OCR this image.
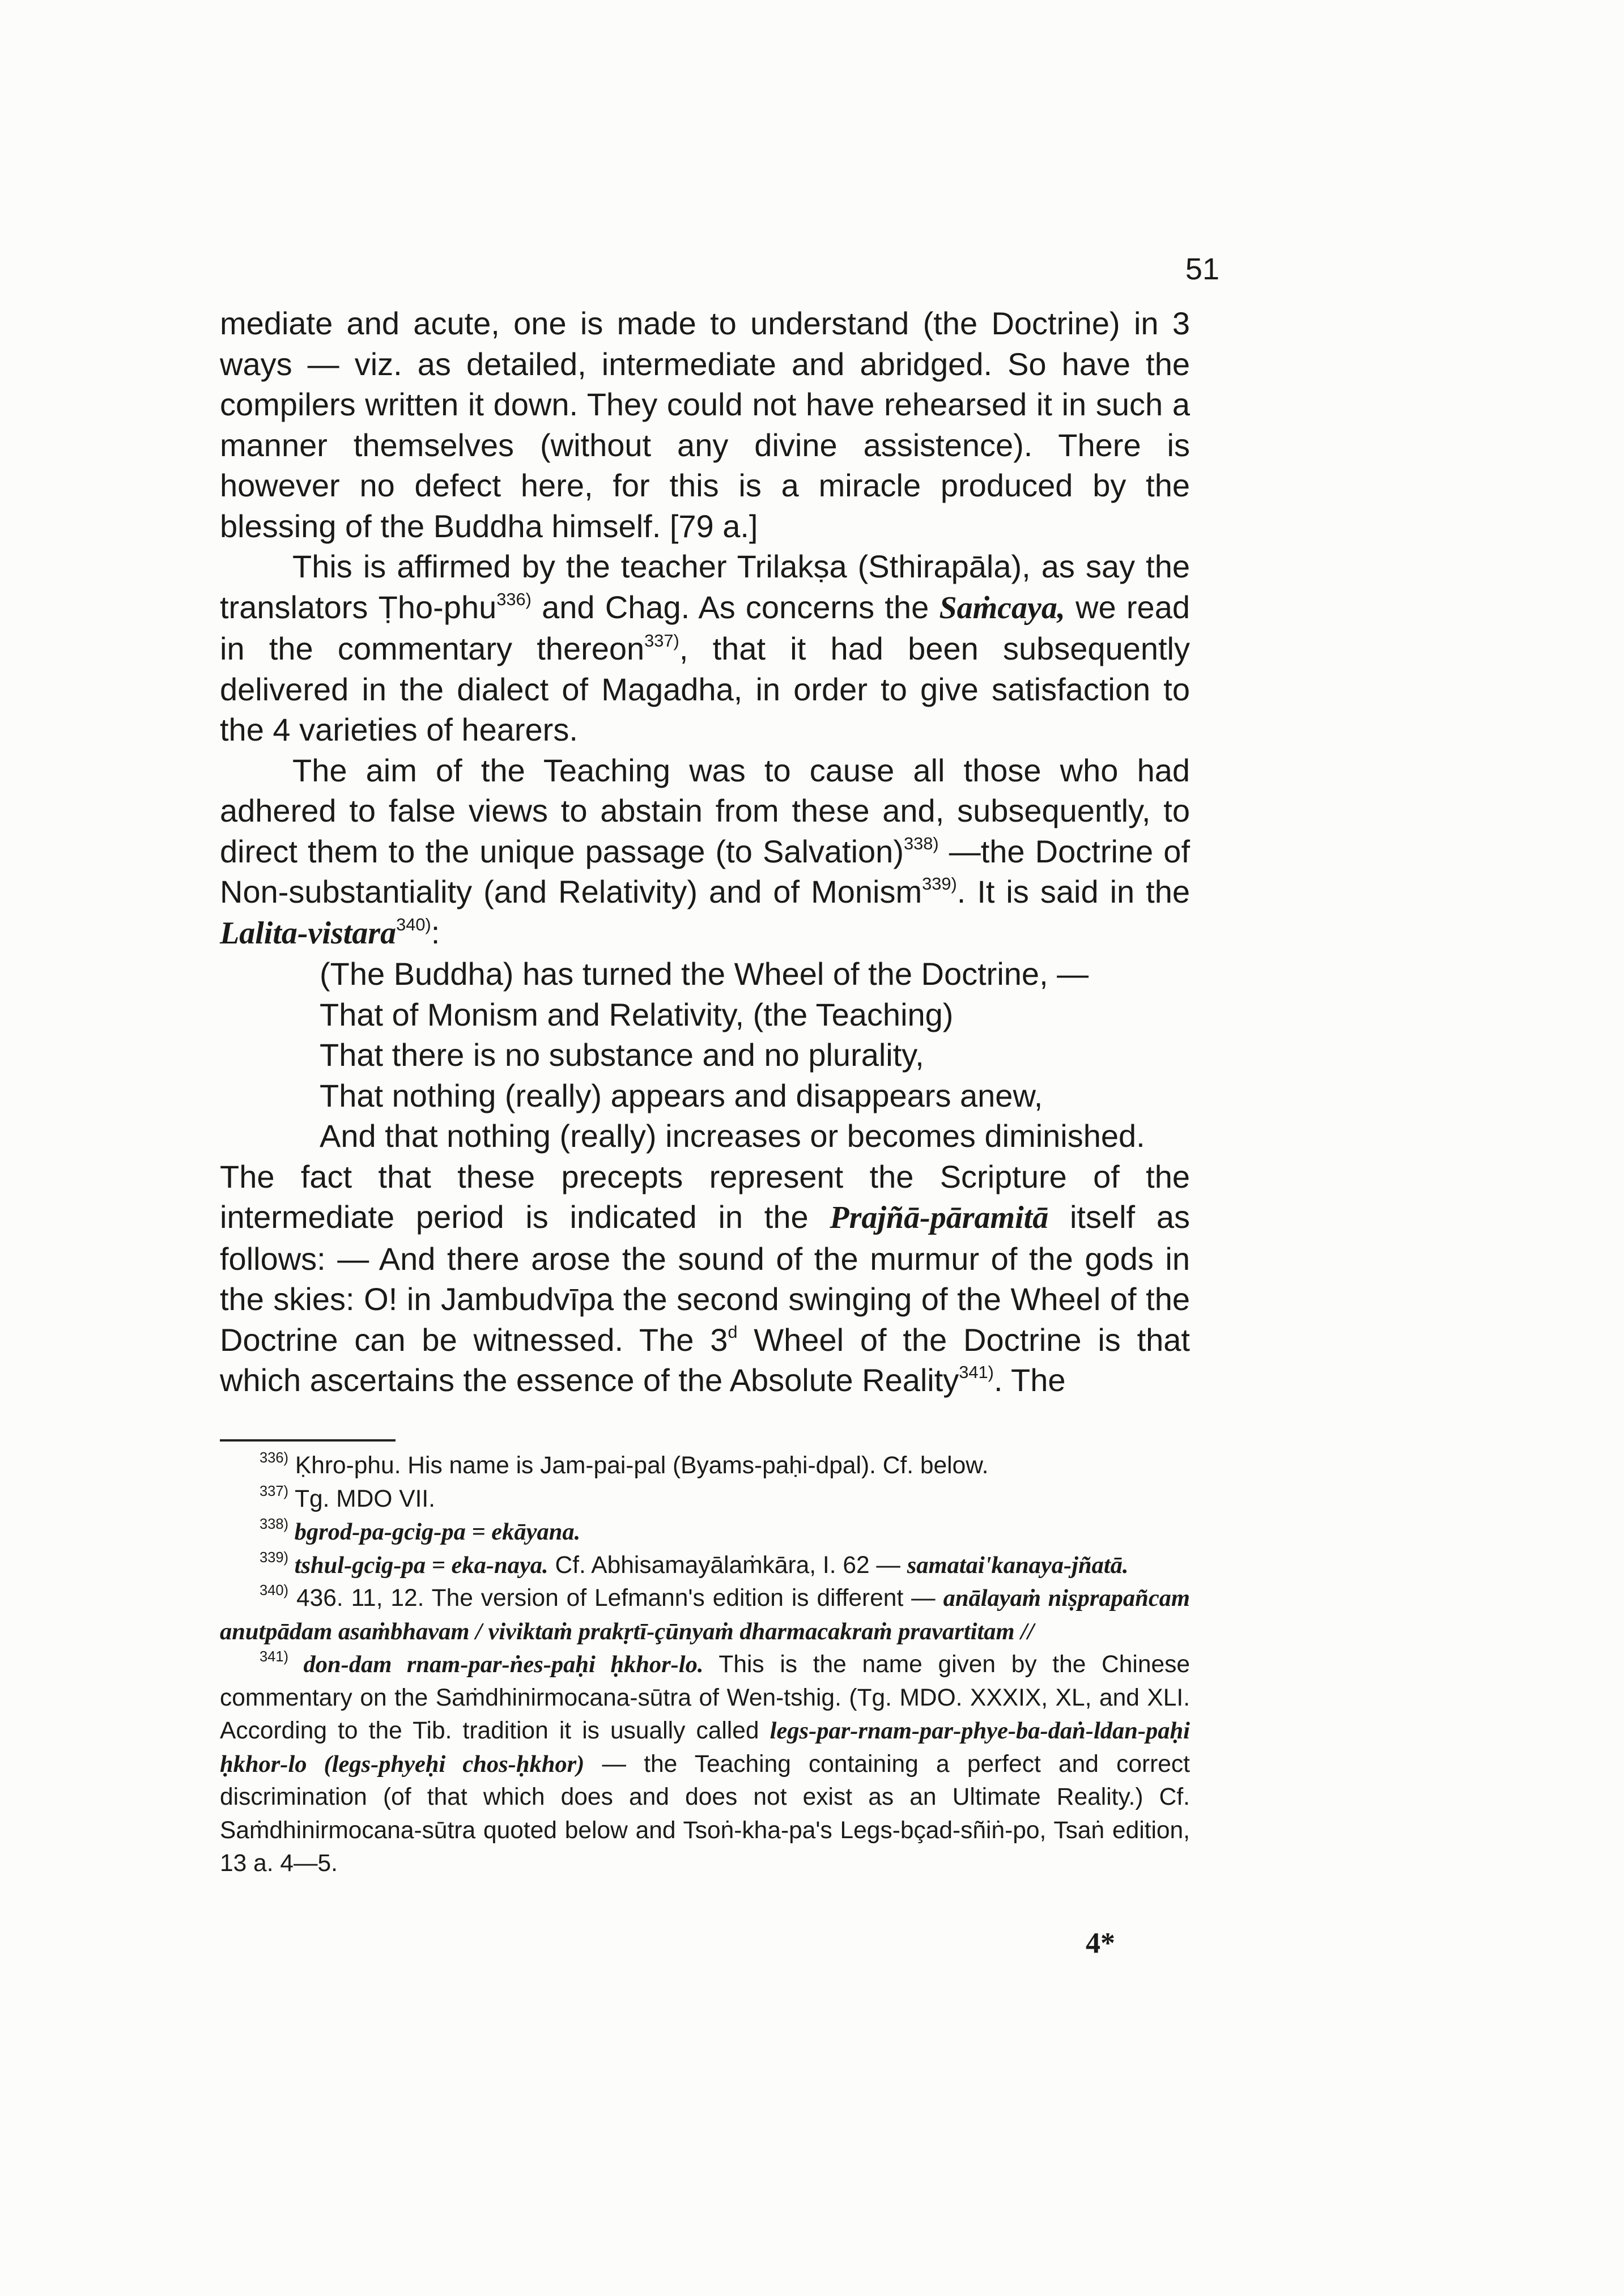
51

mediate and acute, one is made to understand (the Doctrine) in 3 ways — viz. as detailed, intermediate and abridged. So have the compilers written it down. They could not have rehearsed it in such a manner themselves (without any divine assistence). There is however no defect here, for this is a miracle produced by the blessing of the Buddha himself. [79 a.]

This is affirmed by the teacher Trilakṣa (Sthirapāla), as say the translators Ṭho-phu$^{336)}$ and Chag. As concerns the Saṁcaya, we read in the commentary thereon$^{337)}$, that it had been subsequently delivered in the dialect of Magadha, in order to give satisfaction to the 4 varieties of hearers.

The aim of the Teaching was to cause all those who had adhered to false views to abstain from these and, subsequently, to direct them to the unique passage (to Salvation)$^{338)}$ —the Doctrine of Non-substantiality (and Relativity) and of Monism$^{339)}$. It is said in the Lalita-vistara$^{340)}$:

(The Buddha) has turned the Wheel of the Doctrine, —
That of Monism and Relativity, (the Teaching)
That there is no substance and no plurality,
That nothing (really) appears and disappears anew,
And that nothing (really) increases or becomes diminished.

The fact that these precepts represent the Scripture of the intermediate period is indicated in the Prajñā-pāramitā itself as follows: — And there arose the sound of the murmur of the gods in the skies: O! in Jambudvīpa the second swinging of the Wheel of the Doctrine can be witnessed. The 3$^d$ Wheel of the Doctrine is that which ascertains the essence of the Absolute Reality$^{341)}$. The

$^{336)}$ Ḳhro-phu. His name is Jam-pai-pal (Byams-paḥi-dpal). Cf. below.

$^{337)}$ Tg. MDO VII.

$^{338)}$ bgrod-pa-gcig-pa = ekāyana.

$^{339)}$ tshul-gcig-pa = eka-naya. Cf. Abhisamayālaṁkāra, I. 62 — samatai'kanaya-jñatā.

$^{340)}$ 436. 11, 12. The version of Lefmann's edition is different — anālayaṁ niṣprapañcam anutpādam asaṁbhavam / viviktaṁ prakṛtī-çūnyaṁ dharmacakraṁ pravartitam //

$^{341)}$ don-dam rnam-par-ṅes-paḥi ḥkhor-lo. This is the name given by the Chinese commentary on the Saṁdhinirmocana-sūtra of Wen-tshig. (Tg. MDO. XXXIX, XL, and XLI. According to the Tib. tradition it is usually called legs-par-rnam-par-phye-ba-daṅ-ldan-paḥi ḥkhor-lo (legs-phyeḥi chos-ḥkhor) — the Teaching containing a perfect and correct discrimination (of that which does and does not exist as an Ultimate Reality.) Cf. Saṁdhinirmocana-sūtra quoted below and Tsoṅ-kha-pa's Legs-bçad-sñiṅ-po, Tsaṅ edition, 13 a. 4—5.

4*
